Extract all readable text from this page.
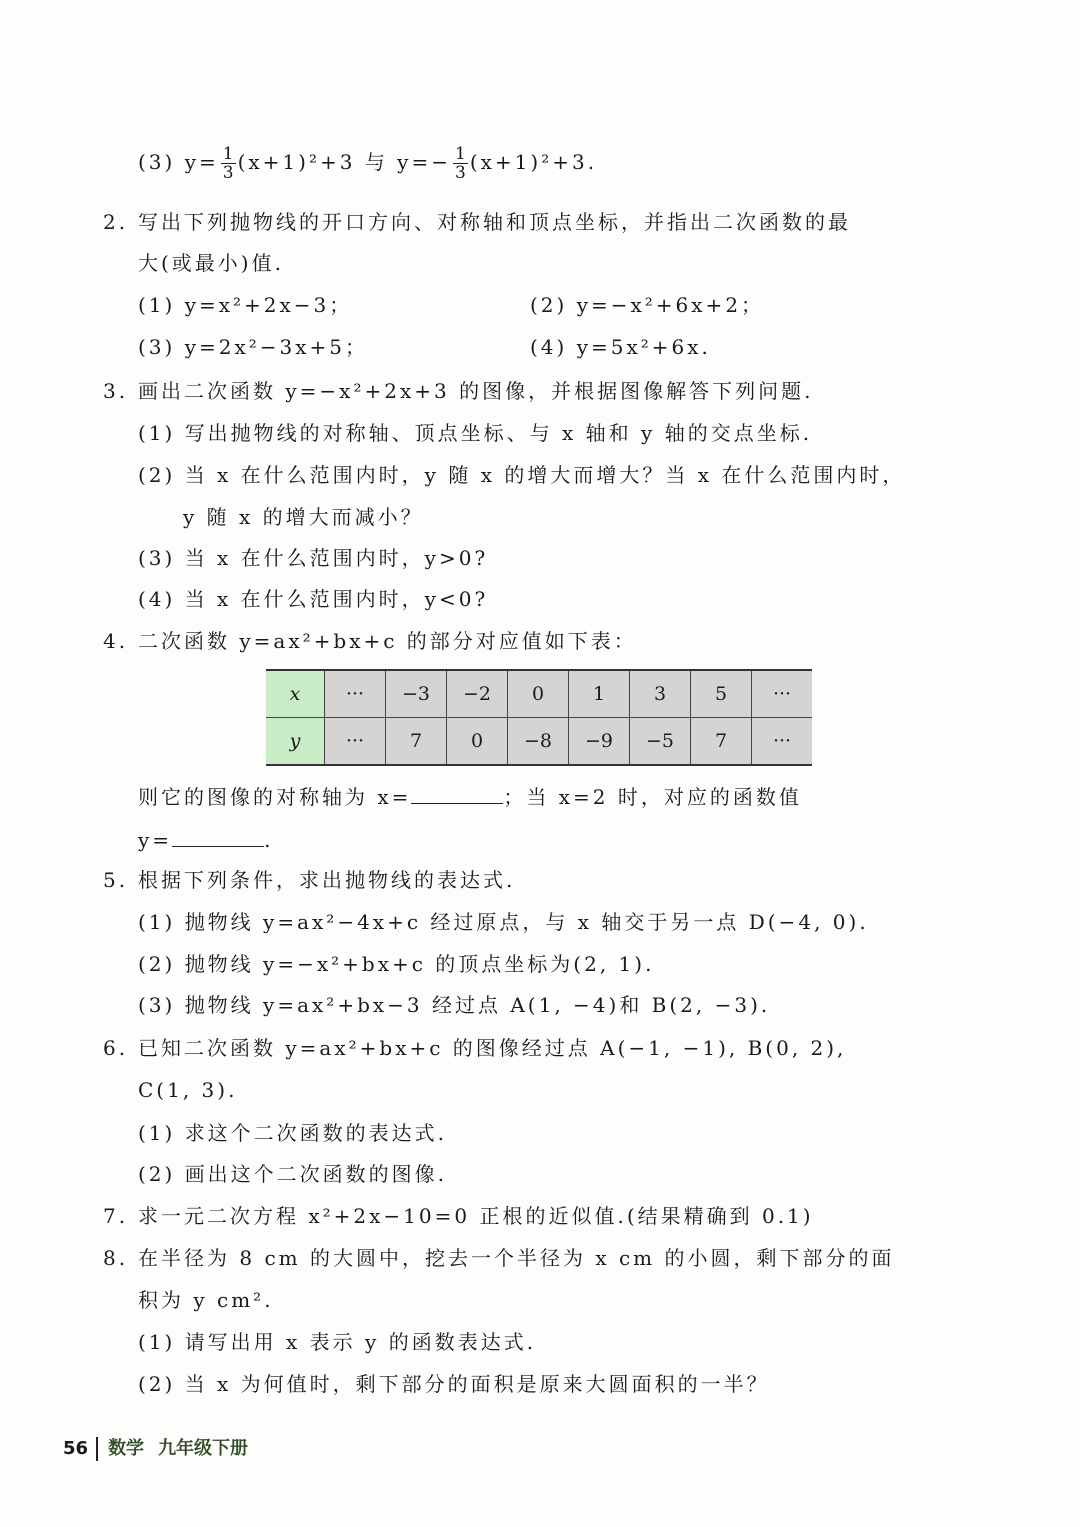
(3) $y= \frac{1}{3} (x+1)^2+3$ 与 $y=- \frac{1}{3} (x+1)^2+3$.
2. 写出下列抛物线的开口方向、对称轴和顶点坐标，并指出二次函数的最
大(或最小)值.
(1) y=x²+2x−3；	(2) y=−x²+6x+2；
(3) y=2x²−3x+5；	(4) y=5x²+6x.
3. 画出二次函数 y=−x²+2x+3 的图像，并根据图像解答下列问题.
(1) 写出抛物线的对称轴、顶点坐标、与 x 轴和 y 轴的交点坐标.
(2) 当 x 在什么范围内时，y 随 x 的增大而增大？当 x 在什么范围内时，
y 随 x 的增大而减小？
(3) 当 x 在什么范围内时，y>0?
(4) 当 x 在什么范围内时，y<0?
4. 二次函数 y=ax²+bx+c 的部分对应值如下表：
x	···	−3	−2	0	1	3	5	···
y	···	7	0	−8	−9	−5	7	···
则它的图像的对称轴为 x=	；当 x=2 时，对应的函数值
y=	.
5. 根据下列条件，求出抛物线的表达式.
(1) 抛物线 y=ax²−4x+c 经过原点，与 x 轴交于另一点 D(−4, 0).
(2) 抛物线 y=−x²+bx+c 的顶点坐标为(2, 1).
(3) 抛物线 y=ax²+bx−3 经过点 A(1, −4)和 B(2, −3).
6. 已知二次函数 y=ax²+bx+c 的图像经过点 A(−1, −1), B(0, 2),
C(1, 3).
(1) 求这个二次函数的表达式.
(2) 画出这个二次函数的图像.
7. 求一元二次方程 x²+2x−10=0 正根的近似值.(结果精确到 0.1)
8. 在半径为 8 cm 的大圆中，挖去一个半径为 x cm 的小圆，剩下部分的面
积为 y cm².
(1) 请写出用 x 表示 y 的函数表达式.
(2) 当 x 为何值时，剩下部分的面积是原来大圆面积的一半？
56 数学 九年级下册
